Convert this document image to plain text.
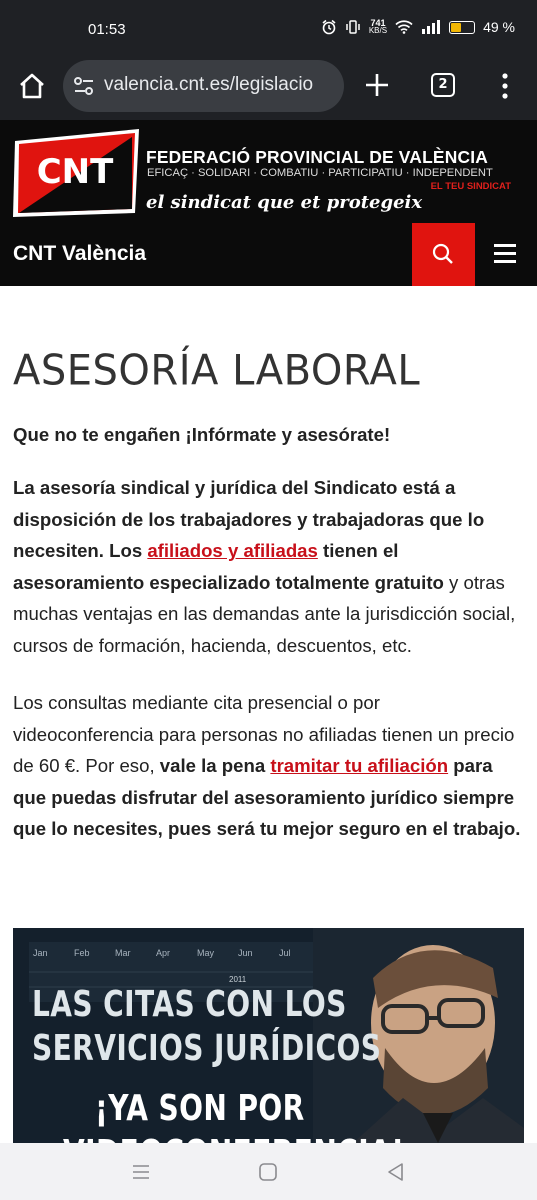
01:53	741
KB/S	49 %
valencia.cnt.es/legislacio	2
CNT FEDERACIÓ PROVINCIAL DE VALÈNCIA
EFICAÇ · SOLIDARI · COMBATIU · PARTICIPATIU · INDEPENDENT
EL TEU SINDICAT
el sindicat que et protegeix
CNT València
ASESORÍA LABORAL

Que no te engañen ¡Infórmate y asesórate!

La asesoría sindical y jurídica del Sindicato está a disposición de los trabajadores y trabajadoras que lo necesiten. Los afiliados y afiliadas tienen el asesoramiento especializado totalmente gratuito y otras muchas ventajas en las demandas ante la jurisdicción social, cursos de formación, hacienda, descuentos, etc.

Los consultas mediante cita presencial o por videoconferencia para personas no afiliadas tienen un precio de 60 €. Por eso, vale la pena tramitar tu afiliación para que puedas disfrutar del asesoramiento jurídico siempre que lo necesites, pues será tu mejor seguro en el trabajo.

Jan	Feb	Mar	Apr	May	Jun	Jul
2011
LAS CITAS CON LOS
SERVICIOS JURÍDICOS
¡YA SON POR
